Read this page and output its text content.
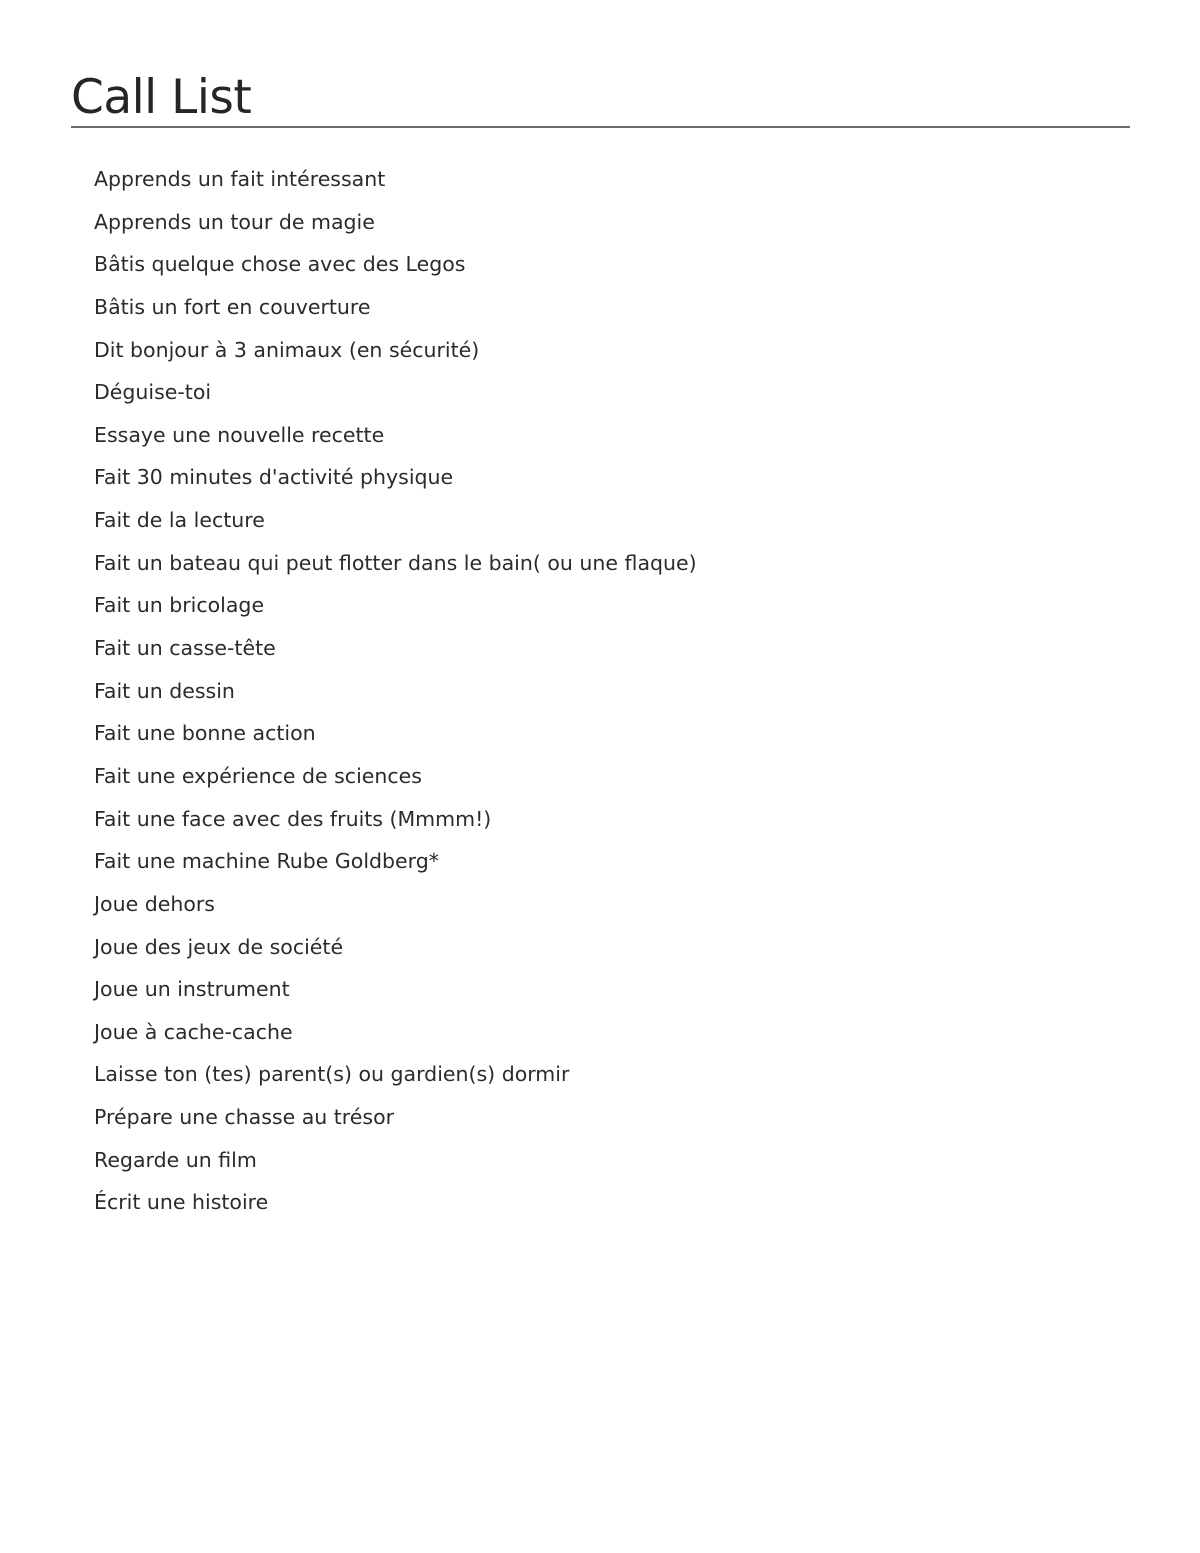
Call List
Apprends un fait intéressant
Apprends un tour de magie
Bâtis quelque chose avec des Legos
Bâtis un fort en couverture
Dit bonjour à 3 animaux (en sécurité)
Déguise-toi
Essaye une nouvelle recette
Fait 30 minutes d'activité physique
Fait de la lecture
Fait un bateau qui peut flotter dans le bain( ou une flaque)
Fait un bricolage
Fait un casse-tête
Fait un dessin
Fait une bonne action
Fait une expérience de sciences
Fait une face avec des fruits (Mmmm!)
Fait une machine Rube Goldberg*
Joue dehors
Joue des jeux de société
Joue un instrument
Joue à cache-cache
Laisse ton (tes) parent(s) ou gardien(s) dormir
Prépare une chasse au trésor
Regarde un film
Écrit une histoire
